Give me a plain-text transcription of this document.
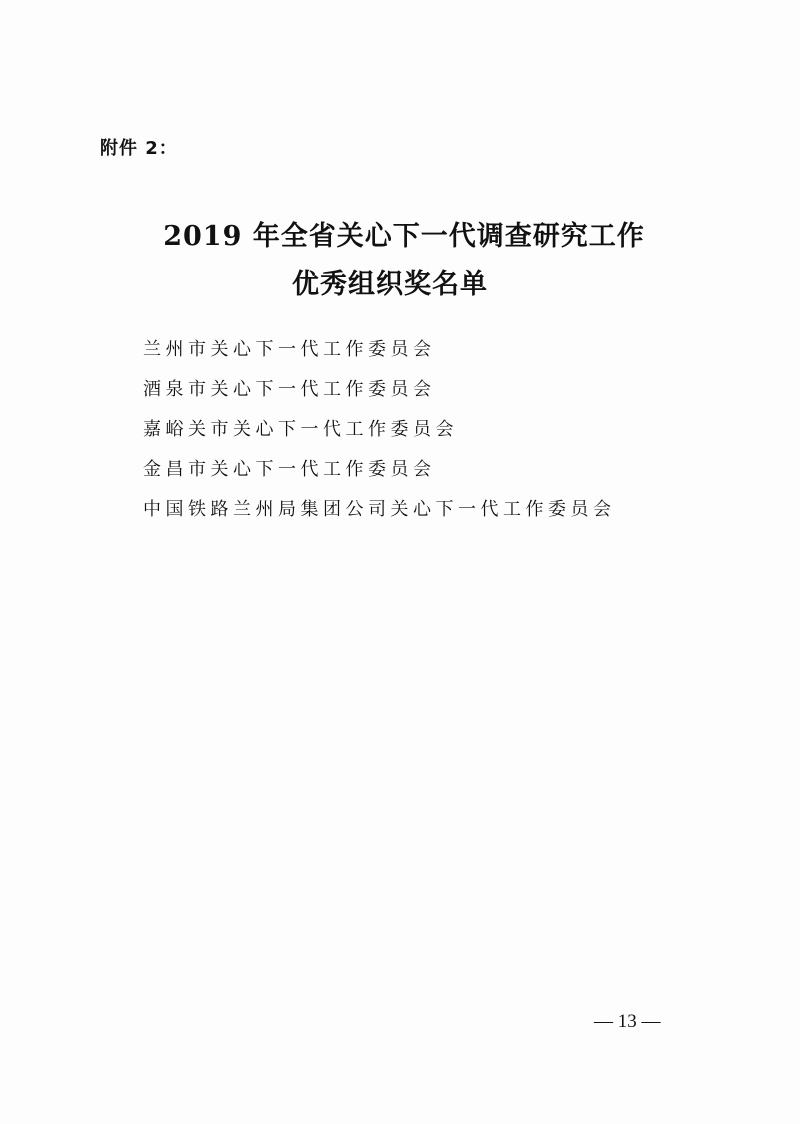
附件 2：
2019 年全省关心下一代调查研究工作
优秀组织奖名单
兰州市关心下一代工作委员会
酒泉市关心下一代工作委员会
嘉峪关市关心下一代工作委员会
金昌市关心下一代工作委员会
中国铁路兰州局集团公司关心下一代工作委员会
— 13 —
